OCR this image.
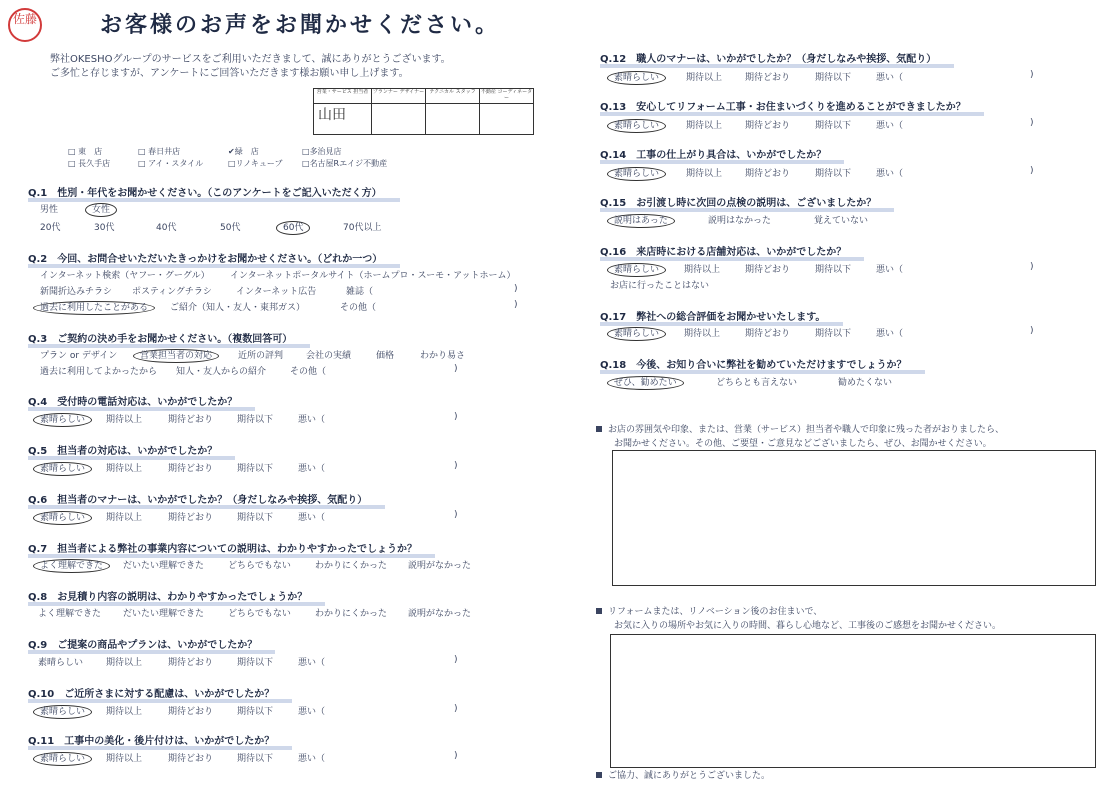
佐藤	お客様のお声をお聞かせください。
弊社OKESHOグループのサービスをご利用いただきまして、誠にありがとうございます。
ご多忙と存じますが、アンケートにご回答いただきます様お願い申し上げます。
営業・サービス 担当者	プランナー デザイナー	テクニカル スタッフ	不動産 コーディネーター
山田			
□ 東　店	□ 春日井店	✔緑　店	□多治見店
□ 長久手店	□ アイ・スタイル	□リノキューブ □名古屋Rエイジ不動産
Q.1　性別・年代をお聞かせください。（このアンケートをご記入いただく方）
男性	女性
20代	30代	40代	50代	60代	70代以上
Q.2　今回、お問合せいただいたきっかけをお聞かせください。（どれか一つ）
インターネット検索（ヤフー・グーグル） インターネットポータルサイト（ホームプロ・スーモ・アットホーム）
新聞折込みチラシ ポスティングチラシ	インターネット広告	雑誌（	)
過去に利用したことがある	ご紹介（知人・友人・東邦ガス）	その他（	)
Q.3　ご契約の決め手をお聞かせください。（複数回答可）
プラン or デザイン	営業担当者の対応	近所の評判	会社の実績	価格	わかり易さ
過去に利用してよかったから 知人・友人からの紹介	その他（	)
Q.4　受付時の電話対応は、いかがでしたか？
素晴らしい	期待以上	期待どおり	期待以下	悪い（	)
Q.5　担当者の対応は、いかがでしたか？
素晴らしい	期待以上	期待どおり	期待以下	悪い（	)
Q.6　担当者のマナーは、いかがでしたか？（身だしなみや挨拶、気配り）
素晴らしい	期待以上	期待どおり	期待以下	悪い（	)
Q.7　担当者による弊社の事業内容についての説明は、わかりやすかったでしょうか？
よく理解できた	だいたい理解できた	どちらでもない	わかりにくかった 説明がなかった
Q.8　お見積り内容の説明は、わかりやすかったでしょうか？
よく理解できた だいたい理解できた	どちらでもない	わかりにくかった 説明がなかった
Q.9　ご提案の商品やプランは、いかがでしたか？
素晴らしい	期待以上	期待どおり	期待以下	悪い（	)
Q.10　ご近所さまに対する配慮は、いかがでしたか？
素晴らしい	期待以上	期待どおり	期待以下	悪い（	)
Q.11　工事中の美化・後片付けは、いかがでしたか？
素晴らしい	期待以上	期待どおり	期待以下	悪い（	)
Q.12　職人のマナーは、いかがでしたか？（身だしなみや挨拶、気配り）
素晴らしい	期待以上	期待どおり	期待以下	悪い（	)
Q.13　安心してリフォーム工事・お住まいづくりを進めることができましたか？
素晴らしい	期待以上	期待どおり	期待以下	悪い（	)
Q.14　工事の仕上がり具合は、いかがでしたか？
素晴らしい	期待以上	期待どおり	期待以下	悪い（	)
Q.15　お引渡し時に次回の点検の説明は、ございましたか？
説明はあった	説明はなかった	覚えていない
Q.16　来店時における店舗対応は、いかがでしたか？
素晴らしい	期待以上	期待どおり	期待以下	悪い（	)
お店に行ったことはない
Q.17　弊社への総合評価をお聞かせいたします。
素晴らしい	期待以上	期待どおり	期待以下	悪い（	)
Q.18　今後、お知り合いに弊社を勧めていただけますでしょうか？
ぜひ、勧めたい	どちらとも言えない	勧めたくない
お店の雰囲気や印象、または、営業（サービス）担当者や職人で印象に残った者がおりましたら、
お聞かせください。その他、ご要望・ご意見などございましたら、ぜひ、お聞かせください。
リフォームまたは、リノベーション後のお住まいで、
お気に入りの場所やお気に入りの時間、暮らし心地など、工事後のご感想をお聞かせください。
ご協力、誠にありがとうございました。
